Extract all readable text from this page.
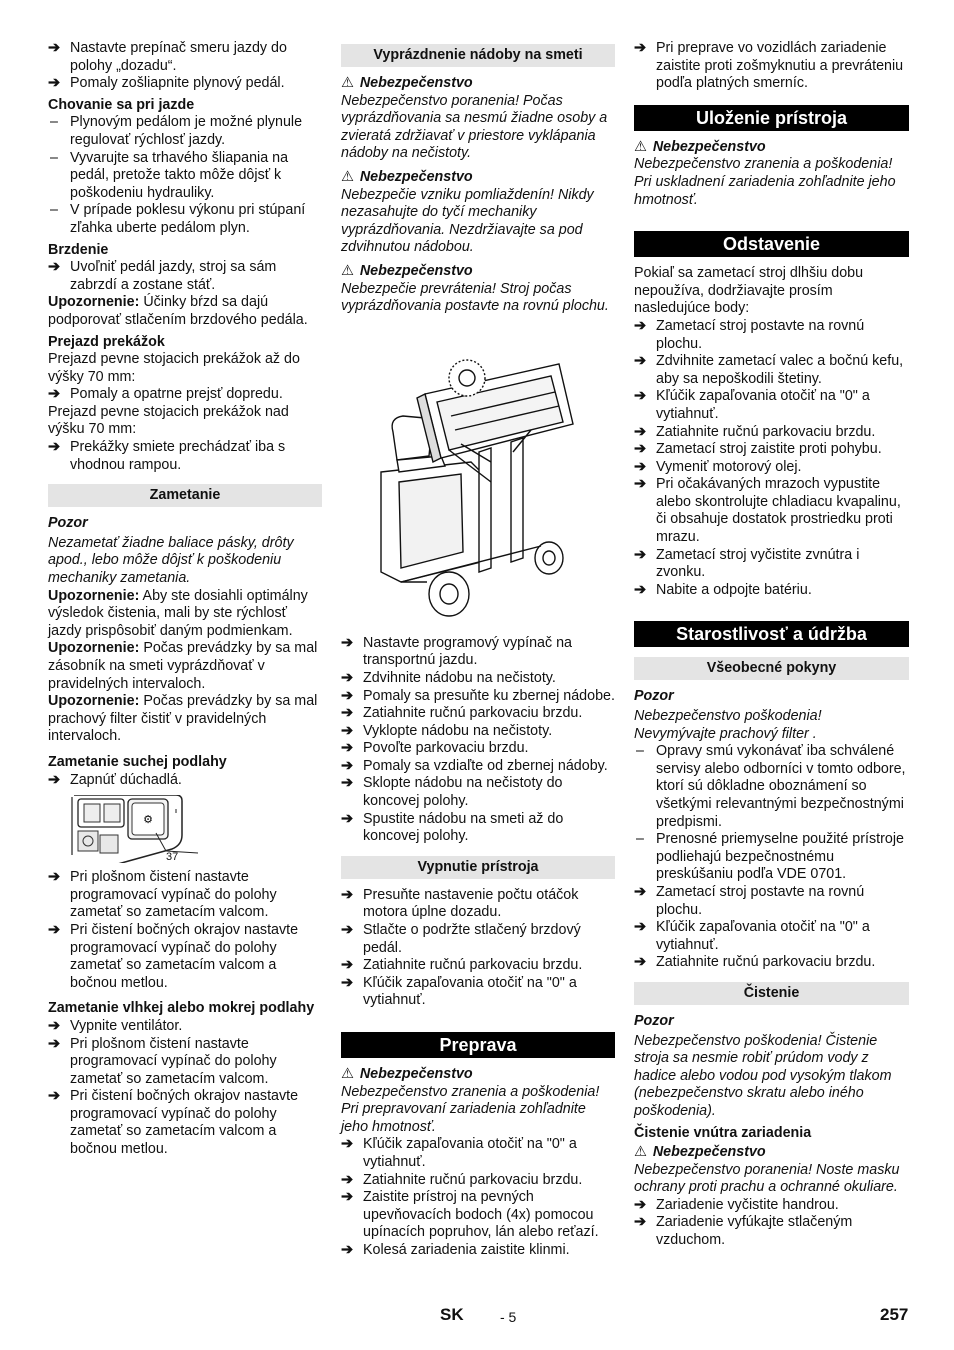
➔ Nastavte prepínač smeru jazdy do polohy „dozadu“.
➔ Pomaly zošliapnite plynový pedál.
Chovanie sa pri jazde
– Plynovým pedálom je možné plynule regulovať rýchlosť jazdy.
– Vyvarujte sa trhavého šliapania na pedál, pretože takto môže dôjsť k poškodeniu hydrauliky.
– V prípade poklesu výkonu pri stúpaní zľahka uberte pedálom plyn.
Brzdenie
➔ Uvoľniť pedál jazdy, stroj sa sám zabrzdí a zostane stáť.
Upozornenie: Účinky bŕzd sa dajú podporovať stlačením brzdového pedála.
Prejazd prekážok
Prejazd pevne stojacich prekážok až do výšky 70 mm:
➔ Pomaly a opatrne prejsť dopredu.
Prejazd pevne stojacich prekážok nad výšku 70 mm:
➔ Prekážky smiete prechádzať iba s vhodnou rampou.
Zametanie
Pozor
Nezametať žiadne baliace pásky, drôty apod., lebo môže dôjsť k poškodeniu mechaniky zametania.
Upozornenie: Aby ste dosiahli optimálny výsledok čistenia, mali by ste rýchlosť jazdy prispôsobiť daným podmienkam.
Upozornenie: Počas prevádzky by sa mal zásobník na smeti vyprázdňovať v pravidelných intervaloch.
Upozornenie: Počas prevádzky by sa mal prachový filter čistiť v pravidelných intervaloch.
Zametanie suchej podlahy
➔ Zapnúť dúchadlá.
⚙
37
➔ Pri plošnom čistení nastavte programovací vypínač do polohy zametať so zametacím valcom.
➔ Pri čistení bočných okrajov nastavte programovací vypínač do polohy zametať so zametacím valcom a bočnou metlou.
Zametanie vlhkej alebo mokrej podlahy
➔ Vypnite ventilátor.
➔ Pri plošnom čistení nastavte programovací vypínač do polohy zametať so zametacím valcom.
➔ Pri čistení bočných okrajov nastavte programovací vypínač do polohy zametať so zametacím valcom a bočnou metlou.
Vyprázdnenie nádoby na smeti
⚠ Nebezpečenstvo
Nebezpečenstvo poranenia! Počas vyprázdňovania sa nesmú žiadne osoby a zvieratá zdržiavať v priestore vyklápania nádoby na nečistoty.
⚠ Nebezpečenstvo
Nebezpečie vzniku pomliaždenín! Nikdy nezasahujte do tyčí mechaniky vyprázdňovania. Nezdržiavajte sa pod zdvihnutou nádobou.
⚠ Nebezpečenstvo
Nebezpečie prevrátenia! Stroj počas vyprázdňovania postavte na rovnú plochu.
➔ Nastavte programový vypínač na transportnú jazdu.
➔ Zdvihnite nádobu na nečistoty.
➔ Pomaly sa presuňte ku zbernej nádobe.
➔ Zatiahnite ručnú parkovaciu brzdu.
➔ Vyklopte nádobu na nečistoty.
➔ Povoľte parkovaciu brzdu.
➔ Pomaly sa vzdiaľte od zbernej nádoby.
➔ Sklopte nádobu na nečistoty do koncovej polohy.
➔ Spustite nádobu na smeti až do koncovej polohy.
Vypnutie prístroja
➔ Presuňte nastavenie počtu otáčok motora úplne dozadu.
➔ Stlačte o podržte stlačený brzdový pedál.
➔ Zatiahnite ručnú parkovaciu brzdu.
➔ Kľúčik zapaľovania otočiť na "0" a vytiahnuť.
Preprava
⚠ Nebezpečenstvo
Nebezpečenstvo zranenia a poškodenia! Pri prepravovaní zariadenia zohľadnite jeho hmotnosť.
➔ Kľúčik zapaľovania otočiť na "0" a vytiahnuť.
➔ Zatiahnite ručnú parkovaciu brzdu.
➔ Zaistite prístroj na pevných upevňovacích bodoch (4x) pomocou upínacích popruhov, lán alebo reťazí.
➔ Kolesá zariadenia zaistite klinmi.
➔ Pri preprave vo vozidlách zariadenie zaistite proti zošmyknutiu a prevráteniu podľa platných smerníc.
Uloženie prístroja
⚠ Nebezpečenstvo
Nebezpečenstvo zranenia a poškodenia! Pri uskladnení zariadenia zohľadnite jeho hmotnosť.
Odstavenie
Pokiaľ sa zametací stroj dlhšiu dobu nepoužíva, dodržiavajte prosím nasledujúce body:
➔ Zametací stroj postavte na rovnú plochu.
➔ Zdvihnite zametací valec a bočnú kefu, aby sa nepoškodili štetiny.
➔ Kľúčik zapaľovania otočiť na "0" a vytiahnuť.
➔ Zatiahnite ručnú parkovaciu brzdu.
➔ Zametací stroj zaistite proti pohybu.
➔ Vymeniť motorový olej.
➔ Pri očakávaných mrazoch vypustite alebo skontrolujte chladiacu kvapalinu, či obsahuje dostatok prostriedku proti mrazu.
➔ Zametací stroj vyčistite zvnútra i zvonku.
➔ Nabite a odpojte batériu.
Starostlivosť a údržba
Všeobecné pokyny
Pozor
Nebezpečenstvo poškodenia!
Nevymývajte prachový filter .
– Opravy smú vykonávať iba schválené servisy alebo odborníci v tomto odbore, ktorí sú dôkladne oboznámení so všetkými relevantnými bezpečnostnými predpismi.
– Prenosné priemyselne použité prístroje podliehajú bezpečnostnému preskúšaniu podľa VDE 0701.
➔ Zametací stroj postavte na rovnú plochu.
➔ Kľúčik zapaľovania otočiť na "0" a vytiahnuť.
➔ Zatiahnite ručnú parkovaciu brzdu.
Čistenie
Pozor
Nebezpečenstvo poškodenia! Čistenie stroja sa nesmie robiť prúdom vody z hadice alebo vodou pod vysokým tlakom (nebezpečenstvo skratu alebo iného poškodenia).
Čistenie vnútra zariadenia
⚠ Nebezpečenstvo
Nebezpečenstvo poranenia! Noste masku ochrany proti prachu a ochranné okuliare.
➔ Zariadenie vyčistite handrou.
➔ Zariadenie vyfúkajte stlačeným vzduchom.
SK	- 5	257
